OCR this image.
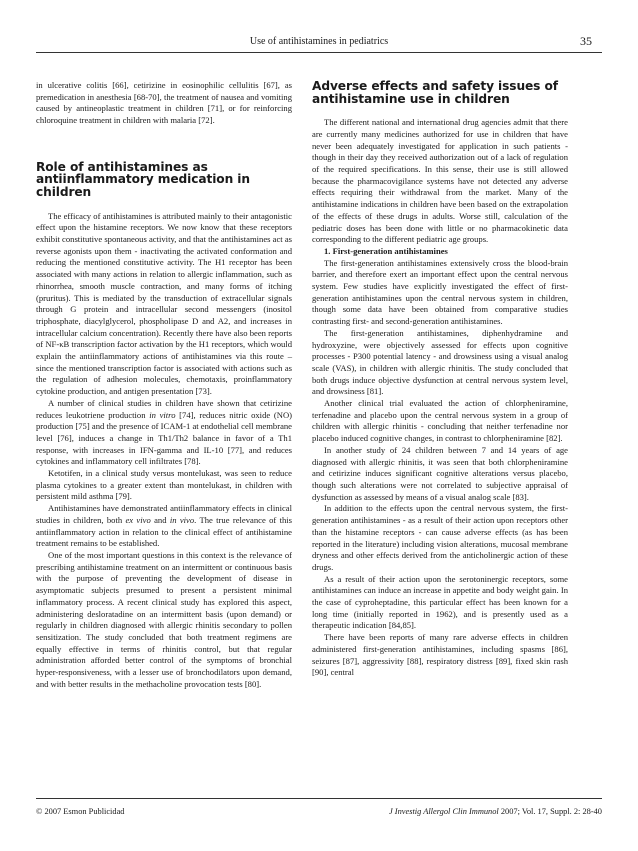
Use of antihistamines in pediatrics	35

in ulcerative colitis [66], cetirizine in eosinophilic cellulitis [67], as premedication in anesthesia [68-70], the treatment of nausea and vomiting caused by antineoplastic treatment in children [71], or for reinforcing chloroquine treatment in children with malaria [72].

Role of antihistamines as antiinflammatory medication in children

The efficacy of antihistamines is attributed mainly to their antagonistic effect upon the histamine receptors. We now know that these receptors exhibit constitutive spontaneous activity, and that the antihistamines act as reverse agonists upon them - inactivating the activated conformation and reducing the mentioned constitutive activity. The H1 receptor has been associated with many actions in relation to allergic inflammation, such as rhinorrhea, smooth muscle contraction, and many forms of itching (pruritus). This is mediated by the transduction of extracellular signals through G protein and intracellular second messengers (inositol triphosphate, diacylglycerol, phospholipase D and A2, and increases in intracellular calcium concentration). Recently there have also been reports of NF-κB transcription factor activation by the H1 receptors, which would explain the antiinflammatory actions of antihistamines via this route – since the mentioned transcription factor is associated with actions such as the regulation of adhesion molecules, chemotaxis, proinflammatory cytokine production, and antigen presentation [73].

A number of clinical studies in children have shown that cetirizine reduces leukotriene production in vitro [74], reduces nitric oxide (NO) production [75] and the presence of ICAM-1 at endothelial cell membrane level [76], induces a change in Th1/Th2 balance in favor of a Th1 response, with increases in IFN-gamma and IL-10 [77], and reduces cytokines and inflammatory cell infiltrates [78].

Ketotifen, in a clinical study versus montelukast, was seen to reduce plasma cytokines to a greater extent than montelukast, in children with persistent mild asthma [79].

Antihistamines have demonstrated antiinflammatory effects in clinical studies in children, both ex vivo and in vivo. The true relevance of this antiinflammatory action in relation to the clinical effect of antihistamine treatment remains to be established.

One of the most important questions in this context is the relevance of prescribing antihistamine treatment on an intermittent or continuous basis with the purpose of preventing the development of disease in asymptomatic subjects presumed to present a persistent minimal inflammatory process. A recent clinical study has explored this aspect, administering desloratadine on an intermittent basis (upon demand) or regularly in children diagnosed with allergic rhinitis secondary to pollen sensitization. The study concluded that both treatment regimens are equally effective in terms of rhinitis control, but that regular administration afforded better control of the symptoms of bronchial hyper-responsiveness, with a lesser use of bronchodilators upon demand, and with better results in the methacholine provocation tests [80].

Adverse effects and safety issues of antihistamine use in children

The different national and international drug agencies admit that there are currently many medicines authorized for use in children that have never been adequately investigated for application in such patients - though in their day they received authorization out of a lack of regulation of the required specifications. In this sense, their use is still allowed because the pharmacovigilance systems have not detected any adverse effects requiring their withdrawal from the market. Many of the antihistamine indications in children have been based on the extrapolation of the effects of these drugs in adults. Worse still, calculation of the pediatric doses has been done with little or no pharmacokinetic data corresponding to the different pediatric age groups.

1. First-generation antihistamines

The first-generation antihistamines extensively cross the blood-brain barrier, and therefore exert an important effect upon the central nervous system. Few studies have explicitly investigated the effect of first-generation antihistamines upon the central nervous system in children, though some data have been obtained from comparative studies contrasting first- and second-generation antihistamines.

The first-generation antihistamines, diphenhydramine and hydroxyzine, were objectively assessed for effects upon cognitive processes - P300 potential latency - and drowsiness using a visual analog scale (VAS), in children with allergic rhinitis. The study concluded that both drugs induce objective dysfunction at central nervous system level, and drowsiness [81].

Another clinical trial evaluated the action of chlorpheniramine, terfenadine and placebo upon the central nervous system in a group of children with allergic rhinitis - concluding that neither terfenadine nor placebo induced cognitive changes, in contrast to chlorpheniramine [82].

In another study of 24 children between 7 and 14 years of age diagnosed with allergic rhinitis, it was seen that both chlorpheniramine and cetirizine induces significant cognitive alterations versus placebo, though such alterations were not correlated to subjective appraisal of dysfunction as assessed by means of a visual analog scale [83].

In addition to the effects upon the central nervous system, the first-generation antihistamines - as a result of their action upon receptors other than the histamine receptors - can cause adverse effects (as has been reported in the literature) including vision alterations, mucosal membrane dryness and other effects derived from the anticholinergic action of these drugs.

As a result of their action upon the serotoninergic receptors, some antihistamines can induce an increase in appetite and body weight gain. In the case of cyproheptadine, this particular effect has been known for a long time (initially reported in 1962), and is presently used as a therapeutic indication [84,85].

There have been reports of many rare adverse effects in children administered first-generation antihistamines, including spasms [86], seizures [87], aggressivity [88], respiratory distress [89], fixed skin rash [90], central

© 2007 Esmon Publicidad	J Investig Allergol Clin Immunol 2007; Vol. 17, Suppl. 2: 28-40
